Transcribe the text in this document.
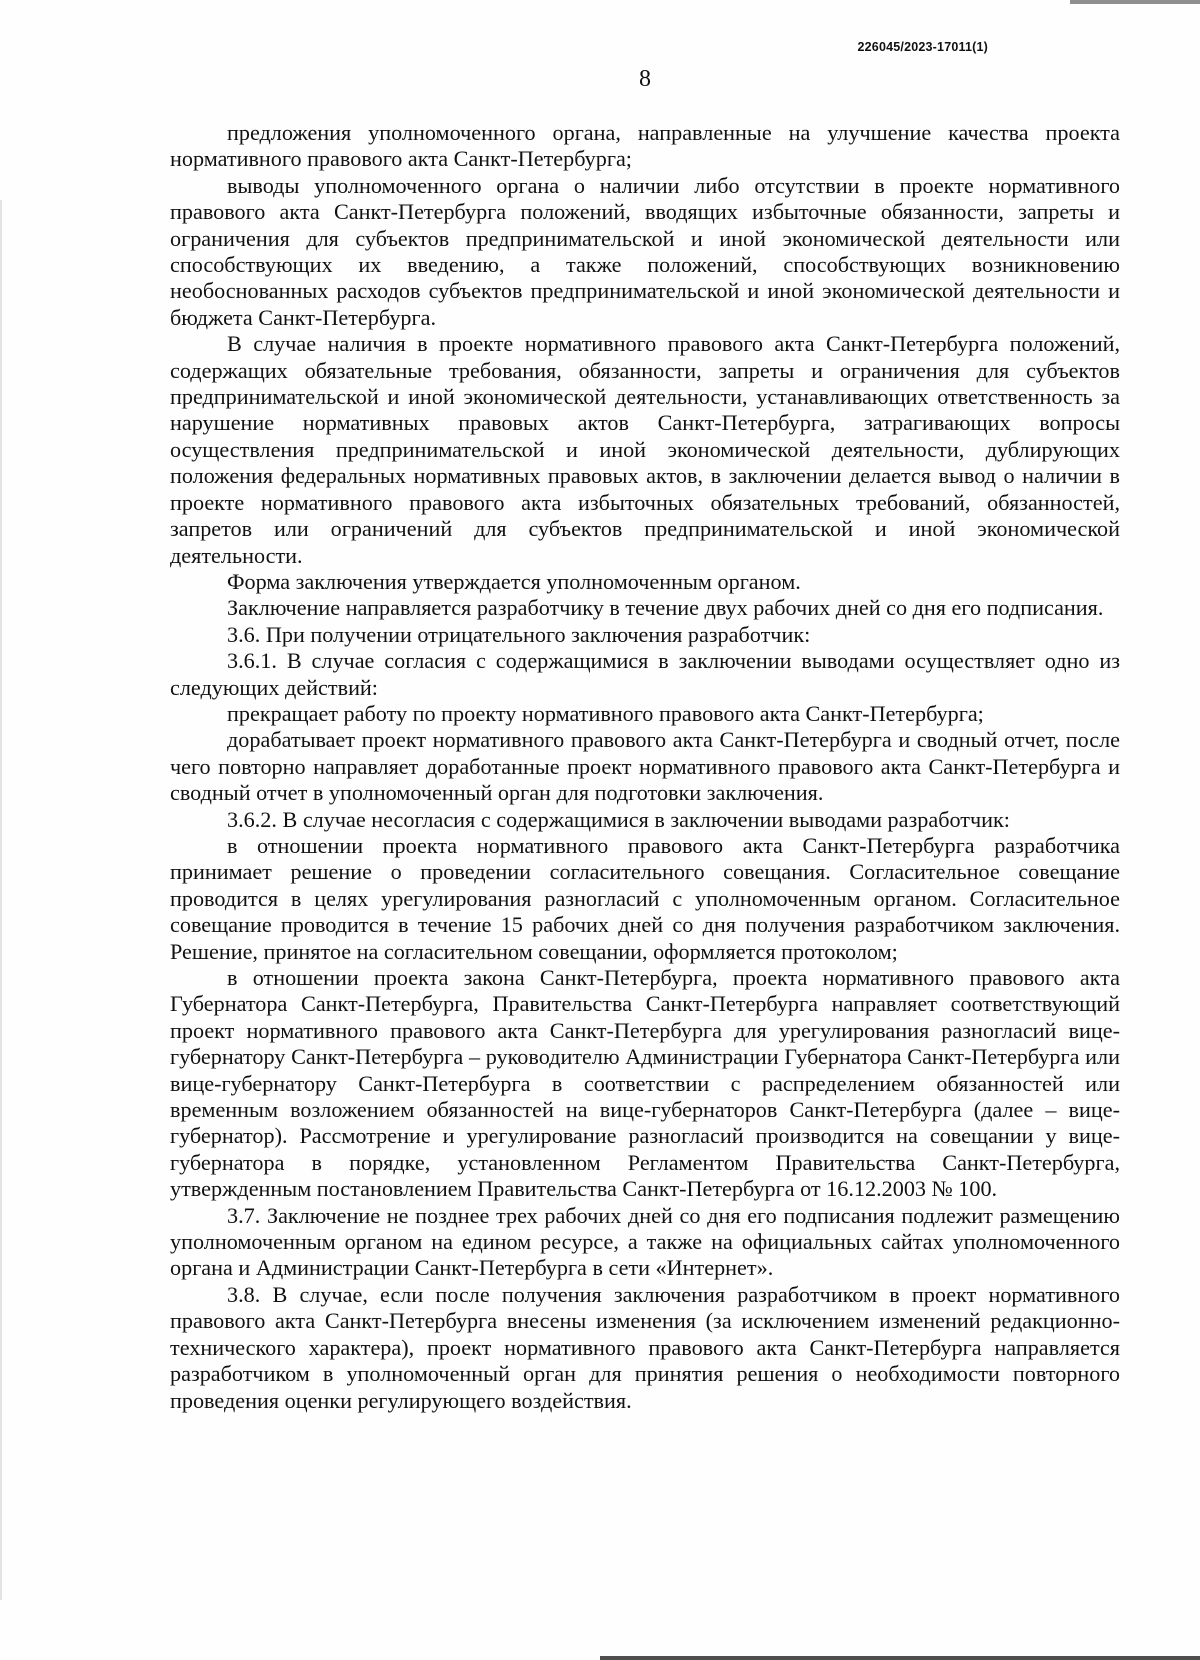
226045/2023-17011(1)
8

предложения уполномоченного органа, направленные на улучшение качества проекта нормативного правового акта Санкт-Петербурга;

выводы уполномоченного органа о наличии либо отсутствии в проекте нормативного правового акта Санкт-Петербурга положений, вводящих избыточные обязанности, запреты и ограничения для субъектов предпринимательской и иной экономической деятельности или способствующих их введению, а также положений, способствующих возникновению необоснованных расходов субъектов предпринимательской и иной экономической деятельности и бюджета Санкт-Петербурга.

В случае наличия в проекте нормативного правового акта Санкт-Петербурга положений, содержащих обязательные требования, обязанности, запреты и ограничения для субъектов предпринимательской и иной экономической деятельности, устанавливающих ответственность за нарушение нормативных правовых актов Санкт-Петербурга, затрагивающих вопросы осуществления предпринимательской и иной экономической деятельности, дублирующих положения федеральных нормативных правовых актов, в заключении делается вывод о наличии в проекте нормативного правового акта избыточных обязательных требований, обязанностей, запретов или ограничений для субъектов предпринимательской и иной экономической деятельности.

Форма заключения утверждается уполномоченным органом.

Заключение направляется разработчику в течение двух рабочих дней со дня его подписания.

3.6. При получении отрицательного заключения разработчик:

3.6.1. В случае согласия с содержащимися в заключении выводами осуществляет одно из следующих действий:

прекращает работу по проекту нормативного правового акта Санкт-Петербурга;

дорабатывает проект нормативного правового акта Санкт-Петербурга и сводный отчет, после чего повторно направляет доработанные проект нормативного правового акта Санкт-Петербурга и сводный отчет в уполномоченный орган для подготовки заключения.

3.6.2. В случае несогласия с содержащимися в заключении выводами разработчик:

в отношении проекта нормативного правового акта Санкт-Петербурга разработчика принимает решение о проведении согласительного совещания. Согласительное совещание проводится в целях урегулирования разногласий с уполномоченным органом. Согласительное совещание проводится в течение 15 рабочих дней со дня получения разработчиком заключения. Решение, принятое на согласительном совещании, оформляется протоколом;

в отношении проекта закона Санкт-Петербурга, проекта нормативного правового акта Губернатора Санкт-Петербурга, Правительства Санкт-Петербурга направляет соответствующий проект нормативного правового акта Санкт-Петербурга для урегулирования разногласий вице-губернатору Санкт-Петербурга – руководителю Администрации Губернатора Санкт-Петербурга или вице-губернатору Санкт-Петербурга в соответствии с распределением обязанностей или временным возложением обязанностей на вице-губернаторов Санкт-Петербурга (далее – вице-губернатор). Рассмотрение и урегулирование разногласий производится на совещании у вице-губернатора в порядке, установленном Регламентом Правительства Санкт-Петербурга, утвержденным постановлением Правительства Санкт-Петербурга от 16.12.2003 № 100.

3.7. Заключение не позднее трех рабочих дней со дня его подписания подлежит размещению уполномоченным органом на едином ресурсе, а также на официальных сайтах уполномоченного органа и Администрации Санкт-Петербурга в сети «Интернет».

3.8. В случае, если после получения заключения разработчиком в проект нормативного правового акта Санкт-Петербурга внесены изменения (за исключением изменений редакционно-технического характера), проект нормативного правового акта Санкт-Петербурга направляется разработчиком в уполномоченный орган для принятия решения о необходимости повторного проведения оценки регулирующего воздействия.
